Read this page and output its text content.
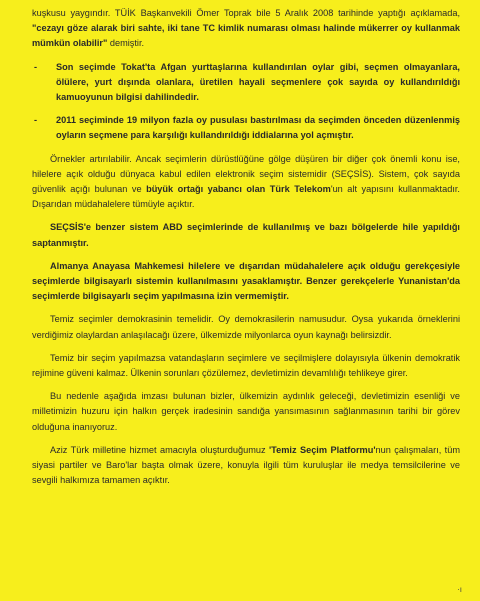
kuşkusu yaygındır. TÜİK Başkanvekili Ömer Toprak bile 5 Aralık 2008 tarihinde yaptığı açıklamada, "cezayı göze alarak biri sahte, iki tane TC kimlik numarası olması halinde mükerrer oy kullanmak mümkün olabilir" demiştir.

-	Son seçimde Tokat'ta Afgan yurttaşlarına kullandırılan oylar gibi, seçmen olmayanlara, ölülere, yurt dışında olanlara, üretilen hayali seçmenlere çok sayıda oy kullandırıldığı kamuoyunun bilgisi dahilindedir.
-	2011 seçiminde 19 milyon fazla oy pusulası bastırılması da seçimden önceden düzenlenmiş oyların seçmene para karşılığı kullandırıldığı iddialarına yol açmıştır.

Örnekler artırılabilir. Ancak seçimlerin dürüstlüğüne gölge düşüren bir diğer çok önemli konu ise, hilelere açık olduğu dünyaca kabul edilen elektronik seçim sistemidir (SEÇSİS). Sistem, çok sayıda güvenlik açığı bulunan ve büyük ortağı yabancı olan Türk Telekom'un alt yapısını kullanmaktadır. Dışarıdan müdahalelere tümüyle açıktır.

SEÇSİS'e benzer sistem ABD seçimlerinde de kullanılmış ve bazı bölgelerde hile yapıldığı saptanmıştır.

Almanya Anayasa Mahkemesi hilelere ve dışarıdan müdahalelere açık olduğu gerekçesiyle seçimlerde bilgisayarlı sistemin kullanılmasını yasaklamıştır. Benzer gerekçelerle Yunanistan'da seçimlerde bilgisayarlı seçim yapılmasına izin vermemiştir.

Temiz seçimler demokrasinin temelidir. Oy demokrasilerin namusudur. Oysa yukarıda örneklerini verdiğimiz olaylardan anlaşılacağı üzere, ülkemizde milyonlarca oyun kaynağı belirsizdir.

Temiz bir seçim yapılmazsa vatandaşların seçimlere ve seçilmişlere dolayısıyla ülkenin demokratik rejimine güveni kalmaz. Ülkenin sorunları çözülemez, devletimizin devamlılığı tehlikeye girer.

Bu nedenle aşağıda imzası bulunan bizler, ülkemizin aydınlık geleceği, devletimizin esenliği ve milletimizin huzuru için halkın gerçek iradesinin sandığa yansımasının sağlanmasının tarihi bir görev olduğuna inanıyoruz.

Aziz Türk milletine hizmet amacıyla oluşturduğumuz 'Temiz Seçim Platformu'nun çalışmaları, tüm siyasi partiler ve Baro'lar başta olmak üzere, konuyla ilgili tüm kuruluşlar ile medya temsilcilerine ve sevgili halkımıza tamamen açıktır.

·ı
